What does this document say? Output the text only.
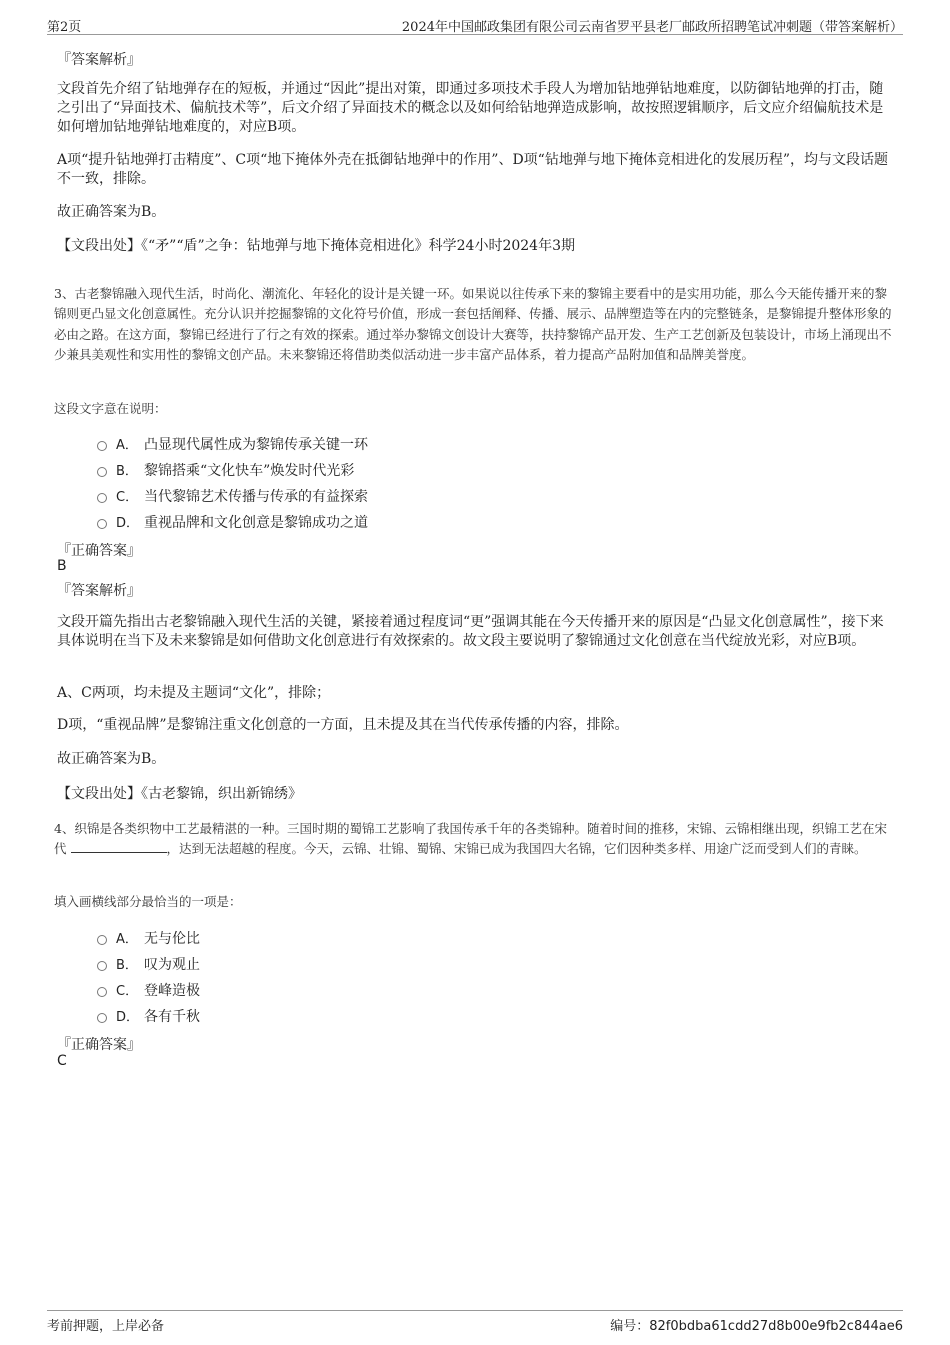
第2页	2024年中国邮政集团有限公司云南省罗平县老厂邮政所招聘笔试冲刺题（带答案解析）
『答案解析』
文段首先介绍了钻地弹存在的短板，并通过“因此”提出对策，即通过多项技术手段人为增加钻地弹钻地难度，以防御钻地弹的打击，随之引出了“异面技术、偏航技术等”，后文介绍了异面技术的概念以及如何给钻地弹造成影响，故按照逻辑顺序，后文应介绍偏航技术是如何增加钻地弹钻地难度的，对应B项。
A项“提升钻地弹打击精度”、C项“地下掩体外壳在抵御钻地弹中的作用”、D项“钻地弹与地下掩体竞相进化的发展历程”，均与文段话题不一致，排除。
故正确答案为B。
【文段出处】《“矛”“盾”之争：钻地弹与地下掩体竞相进化》科学24小时2024年3期
3、古老黎锦融入现代生活，时尚化、潮流化、年轻化的设计是关键一环。如果说以往传承下来的黎锦主要看中的是实用功能，那么今天能传播开来的黎锦则更凸显文化创意属性。充分认识并挖掘黎锦的文化符号价值，形成一套包括阐释、传播、展示、品牌塑造等在内的完整链条，是黎锦提升整体形象的必由之路。在这方面，黎锦已经进行了行之有效的探索。通过举办黎锦文创设计大赛等，扶持黎锦产品开发、生产工艺创新及包装设计，市场上涌现出不少兼具美观性和实用性的黎锦文创产品。未来黎锦还将借助类似活动进一步丰富产品体系，着力提高产品附加值和品牌美誉度。
这段文字意在说明：
A． 凸显现代属性成为黎锦传承关键一环
B． 黎锦搭乘“文化快车”焕发时代光彩
C． 当代黎锦艺术传播与传承的有益探索
D． 重视品牌和文化创意是黎锦成功之道
『正确答案』
B
『答案解析』
文段开篇先指出古老黎锦融入现代生活的关键，紧接着通过程度词“更”强调其能在今天传播开来的原因是“凸显文化创意属性”，接下来具体说明在当下及未来黎锦是如何借助文化创意进行有效探索的。故文段主要说明了黎锦通过文化创意在当代绽放光彩，对应B项。
A、C两项，均未提及主题词“文化”，排除；
D项，“重视品牌”是黎锦注重文化创意的一方面，且未提及其在当代传承传播的内容，排除。
故正确答案为B。
【文段出处】《古老黎锦，织出新锦绣》
4、织锦是各类织物中工艺最精湛的一种。三国时期的蜀锦工艺影响了我国传承千年的各类锦种。随着时间的推移，宋锦、云锦相继出现，织锦工艺在宋代	，达到无法超越的程度。今天，云锦、壮锦、蜀锦、宋锦已成为我国四大名锦，它们因种类多样、用途广泛而受到人们的青睐。
填入画横线部分最恰当的一项是：
A． 无与伦比
B． 叹为观止
C． 登峰造极
D． 各有千秋
『正确答案』
C
考前押题，上岸必备	编号：82f0bdba61cdd27d8b00e9fb2c844ae6
